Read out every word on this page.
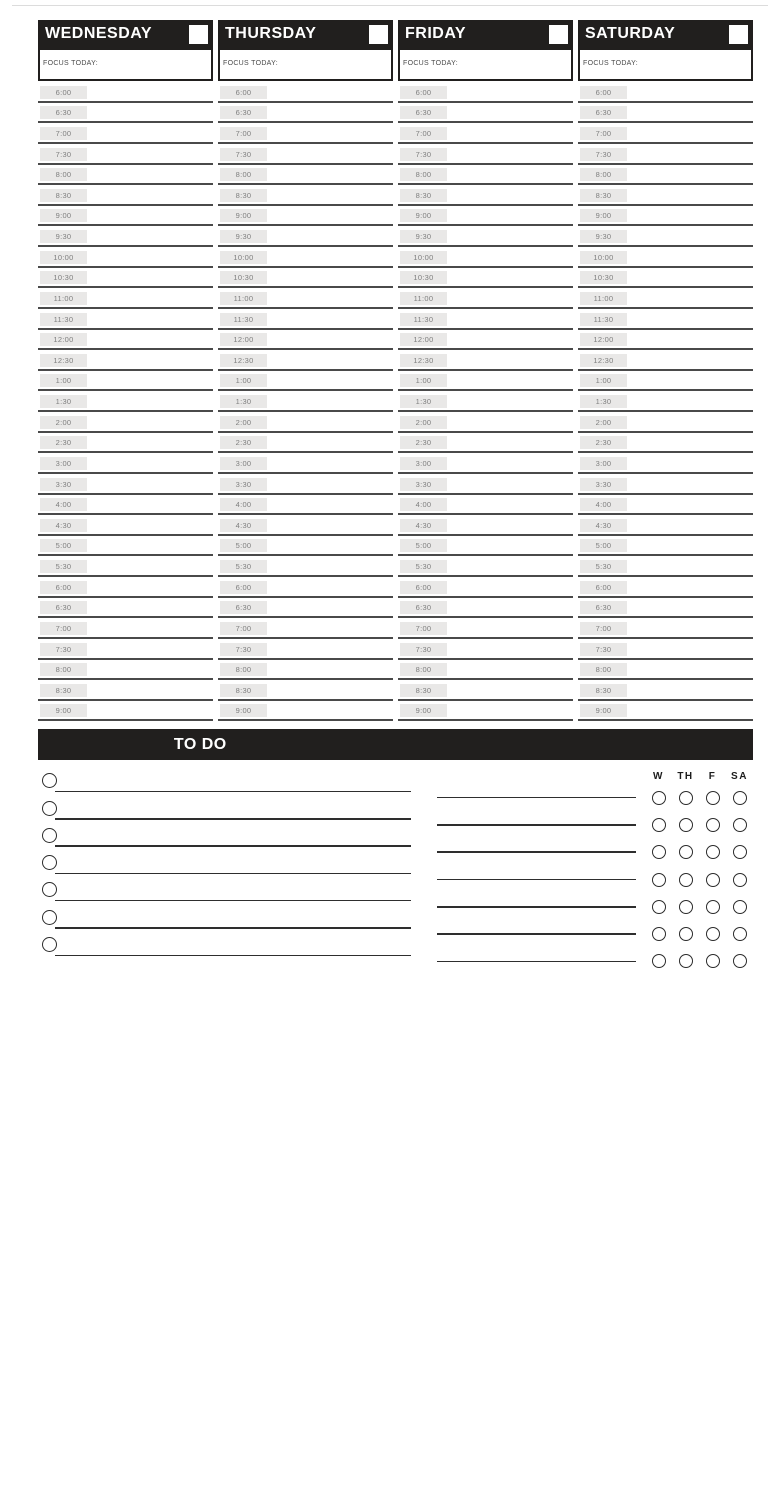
WEDNESDAY
FOCUS TODAY:
6:00
6:30
7:00
7:30
8:00
8:30
9:00
9:30
10:00
10:30
11:00
11:30
12:00
12:30
1:00
1:30
2:00
2:30
3:00
3:30
4:00
4:30
5:00
5:30
6:00
6:30
7:00
7:30
8:00
8:30
9:00
THURSDAY
FOCUS TODAY:
6:00
6:30
7:00
7:30
8:00
8:30
9:00
9:30
10:00
10:30
11:00
11:30
12:00
12:30
1:00
1:30
2:00
2:30
3:00
3:30
4:00
4:30
5:00
5:30
6:00
6:30
7:00
7:30
8:00
8:30
9:00
FRIDAY
FOCUS TODAY:
6:00
6:30
7:00
7:30
8:00
8:30
9:00
9:30
10:00
10:30
11:00
11:30
12:00
12:30
1:00
1:30
2:00
2:30
3:00
3:30
4:00
4:30
5:00
5:30
6:00
6:30
7:00
7:30
8:00
8:30
9:00
SATURDAY
FOCUS TODAY:
6:00
6:30
7:00
7:30
8:00
8:30
9:00
9:30
10:00
10:30
11:00
11:30
12:00
12:30
1:00
1:30
2:00
2:30
3:00
3:30
4:00
4:30
5:00
5:30
6:00
6:30
7:00
7:30
8:00
8:30
9:00
TO DO
HABIT TRACKER
W	TH	F	SA
